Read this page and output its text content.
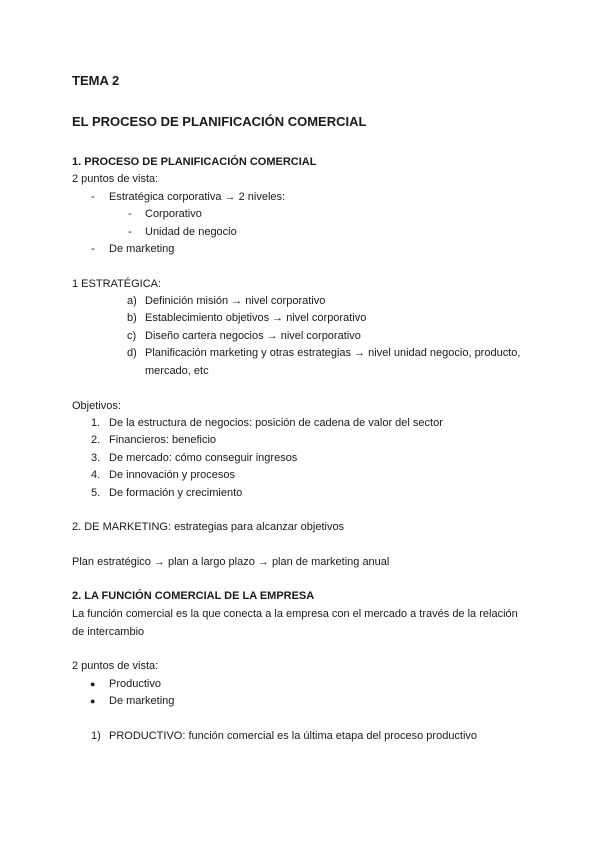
TEMA 2
EL PROCESO DE PLANIFICACIÓN COMERCIAL
1. PROCESO DE PLANIFICACIÓN COMERCIAL
2 puntos de vista:
- Estratégica corporativa → 2 niveles:
- Corporativo
- Unidad de negocio
- De marketing
1 ESTRATÉGICA:
a) Definición misión → nivel corporativo
b) Establecimiento objetivos → nivel corporativo
c) Diseño cartera negocios → nivel corporativo
d) Planificación marketing y otras estrategias → nivel unidad negocio, producto,
mercado, etc
Objetivos:
1. De la estructura de negocios: posición de cadena de valor del sector
2. Financieros: beneficio
3. De mercado: cómo conseguir ingresos
4. De innovación y procesos
5. De formación y crecimiento
2. DE MARKETING: estrategias para alcanzar objetivos
Plan estratégico → plan a largo plazo → plan de marketing anual
2. LA FUNCIÓN COMERCIAL DE LA EMPRESA
La función comercial es la que conecta a la empresa con el mercado a través de la relación
de intercambio
2 puntos de vista:
● Productivo
● De marketing
1) PRODUCTIVO: función comercial es la última etapa del proceso productivo
